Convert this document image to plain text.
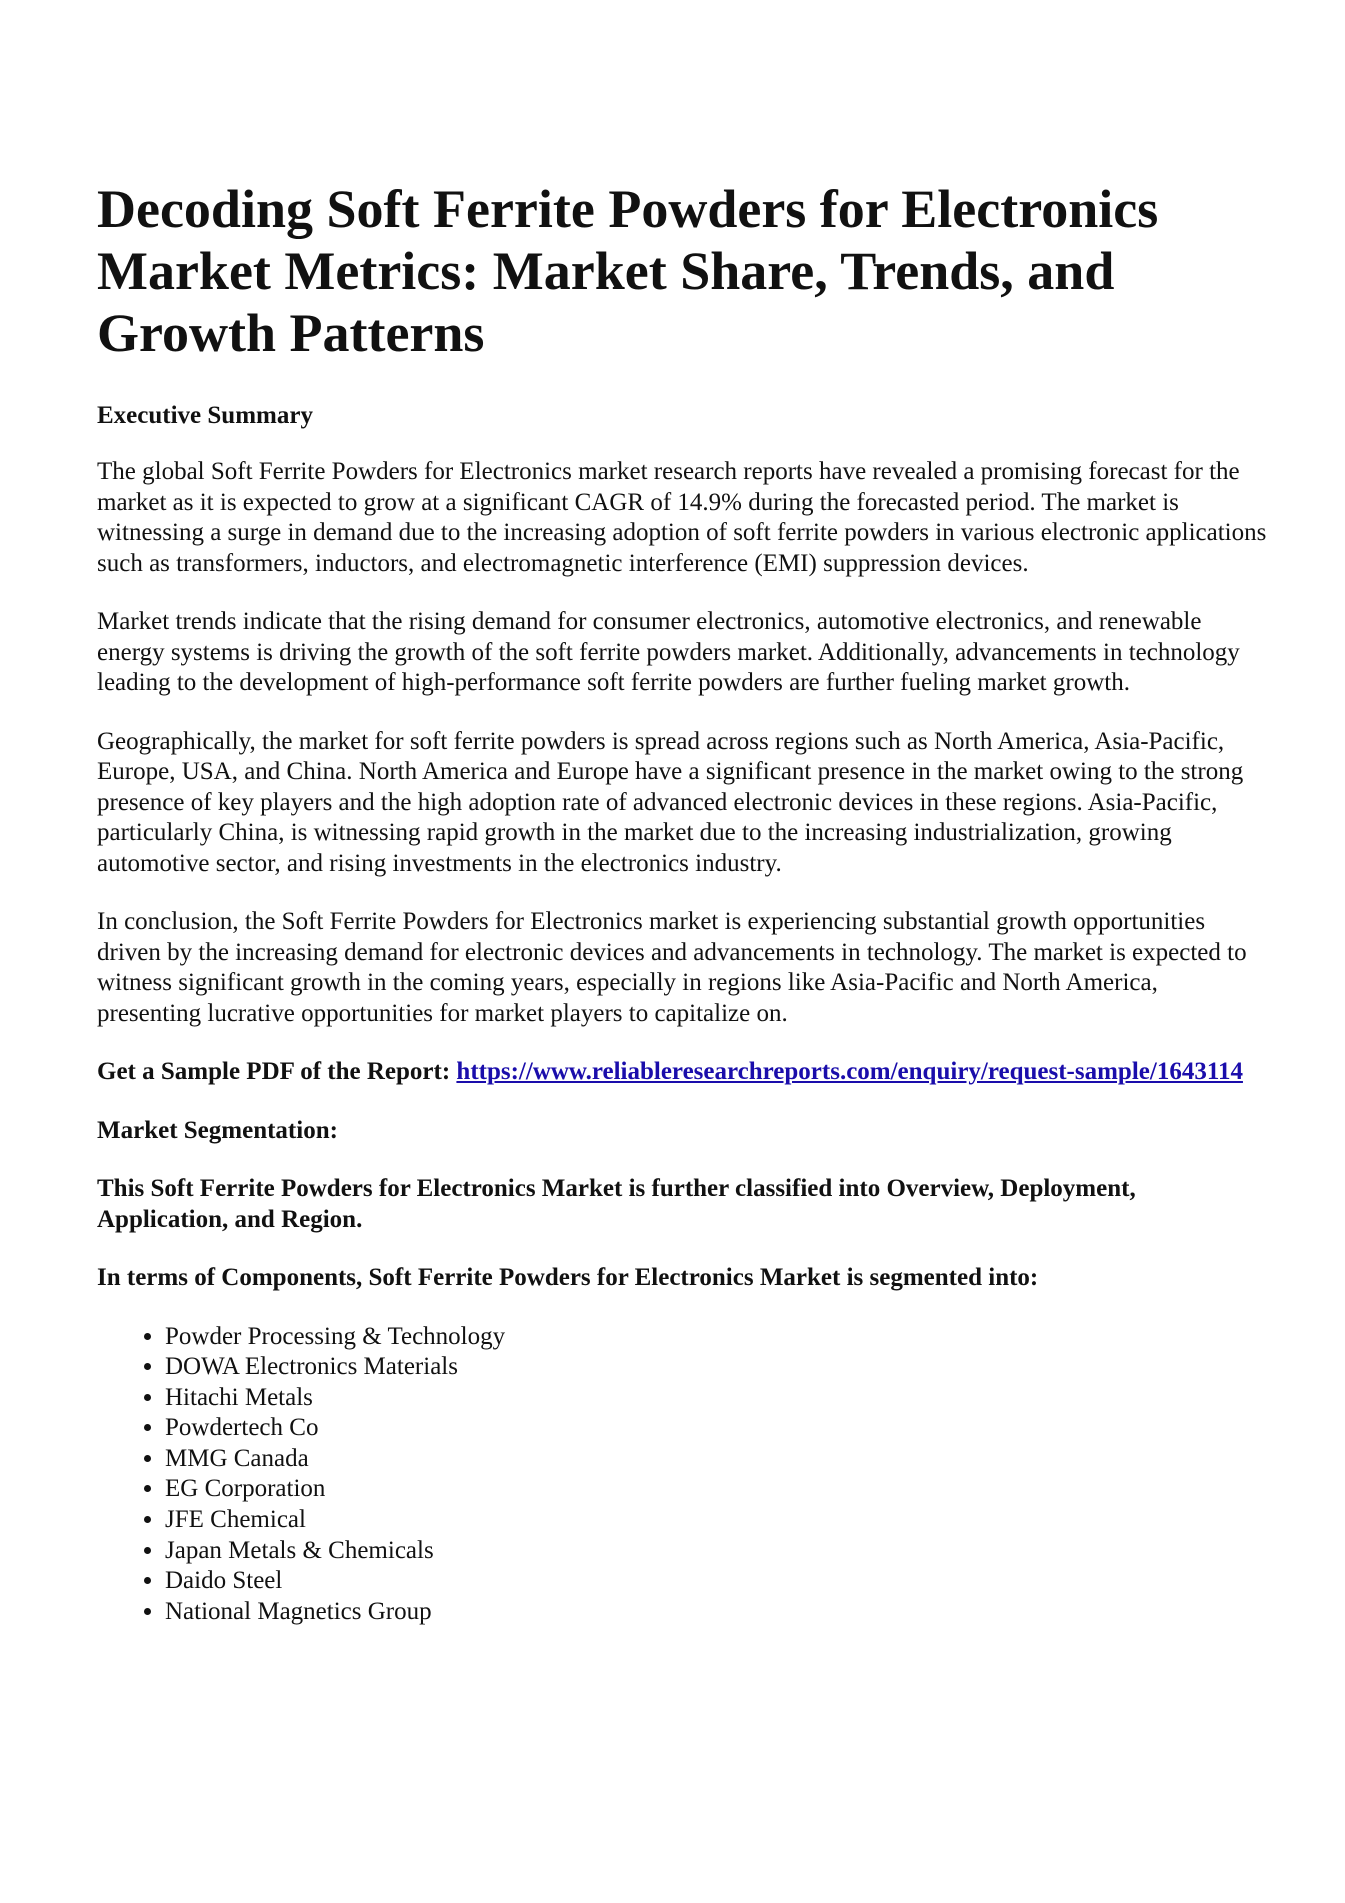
Decoding Soft Ferrite Powders for Electronics Market Metrics: Market Share, Trends, and Growth Patterns
Executive Summary

The global Soft Ferrite Powders for Electronics market research reports have revealed a promising forecast for the market as it is expected to grow at a significant CAGR of 14.9% during the forecasted period. The market is witnessing a surge in demand due to the increasing adoption of soft ferrite powders in various electronic applications such as transformers, inductors, and electromagnetic interference (EMI) suppression devices.

Market trends indicate that the rising demand for consumer electronics, automotive electronics, and renewable energy systems is driving the growth of the soft ferrite powders market. Additionally, advancements in technology leading to the development of high-performance soft ferrite powders are further fueling market growth.

Geographically, the market for soft ferrite powders is spread across regions such as North America, Asia-Pacific, Europe, USA, and China. North America and Europe have a significant presence in the market owing to the strong presence of key players and the high adoption rate of advanced electronic devices in these regions. Asia-Pacific, particularly China, is witnessing rapid growth in the market due to the increasing industrialization, growing automotive sector, and rising investments in the electronics industry.

In conclusion, the Soft Ferrite Powders for Electronics market is experiencing substantial growth opportunities driven by the increasing demand for electronic devices and advancements in technology. The market is expected to witness significant growth in the coming years, especially in regions like Asia-Pacific and North America, presenting lucrative opportunities for market players to capitalize on.

Get a Sample PDF of the Report: https://www.reliableresearchreports.com/enquiry/request-sample/1643114
Market Segmentation:
This Soft Ferrite Powders for Electronics Market is further classified into Overview, Deployment, Application, and Region.
In terms of Components, Soft Ferrite Powders for Electronics Market is segmented into:
• Powder Processing & Technology
• DOWA Electronics Materials
• Hitachi Metals
• Powdertech Co
• MMG Canada
• EG Corporation
• JFE Chemical
• Japan Metals & Chemicals
• Daido Steel
• National Magnetics Group
